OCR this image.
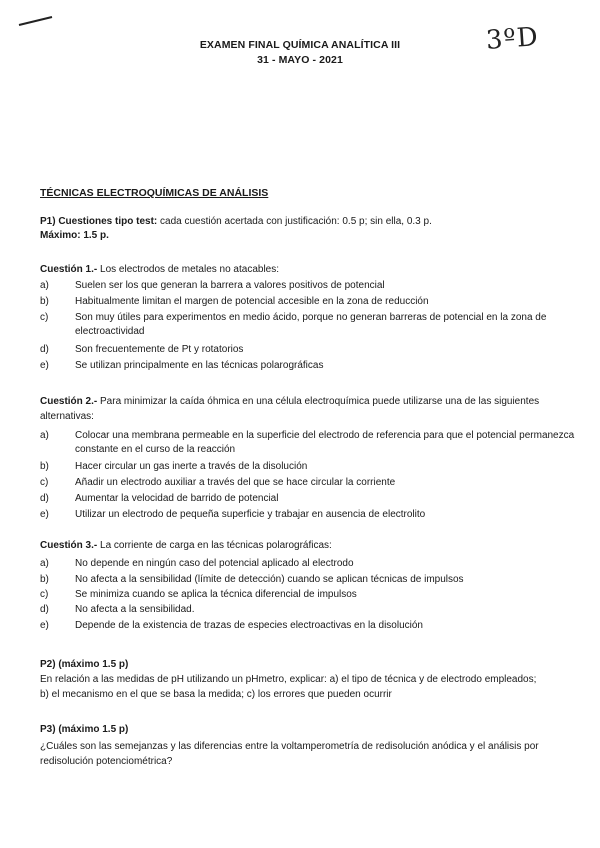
3ºD
EXAMEN FINAL QUÍMICA ANALÍTICA III
31 - MAYO - 2021
TÉCNICAS ELECTROQUÍMICAS DE ANÁLISIS
P1) Cuestiones tipo test: cada cuestión acertada con justificación: 0.5 p; sin ella, 0.3 p.
Máximo: 1.5 p.
Cuestión 1.- Los electrodos de metales no atacables:
a)	Suelen ser los que generan la barrera a valores positivos de potencial
b)	Habitualmente limitan el margen de potencial accesible en la zona de reducción
c)	Son muy útiles para experimentos en medio ácido, porque no generan barreras de potencial en la zona de electroactividad
d)	Son frecuentemente de Pt y rotatorios
e)	Se utilizan principalmente en las técnicas polarográficas
Cuestión 2.- Para minimizar la caída óhmica en una célula electroquímica puede utilizarse una de las siguientes alternativas:
a)	Colocar una membrana permeable en la superficie del electrodo de referencia para que el potencial permanezca constante en el curso de la reacción
b)	Hacer circular un gas inerte a través de la disolución
c)	Añadir un electrodo auxiliar a través del que se hace circular la corriente
d)	Aumentar la velocidad de barrido de potencial
e)	Utilizar un electrodo de pequeña superficie y trabajar en ausencia de electrolito
Cuestión 3.- La corriente de carga en las técnicas polarográficas:
a)	No depende en ningún caso del potencial aplicado al electrodo
b)	No afecta a la sensibilidad (límite de detección) cuando se aplican técnicas de impulsos
c)	Se minimiza cuando se aplica la técnica diferencial de impulsos
d)	No afecta a la sensibilidad.
e)	Depende de la existencia de trazas de especies electroactivas en la disolución
P2) (máximo 1.5 p)
En relación a las medidas de pH utilizando un pHmetro, explicar: a) el tipo de técnica y de electrodo empleados;
b) el mecanismo en el que se basa la medida; c) los errores que pueden ocurrir
P3) (máximo 1.5 p)
¿Cuáles son las semejanzas y las diferencias entre la voltamperometría de redisolución anódica y el análisis por
redisolución potenciométrica?
